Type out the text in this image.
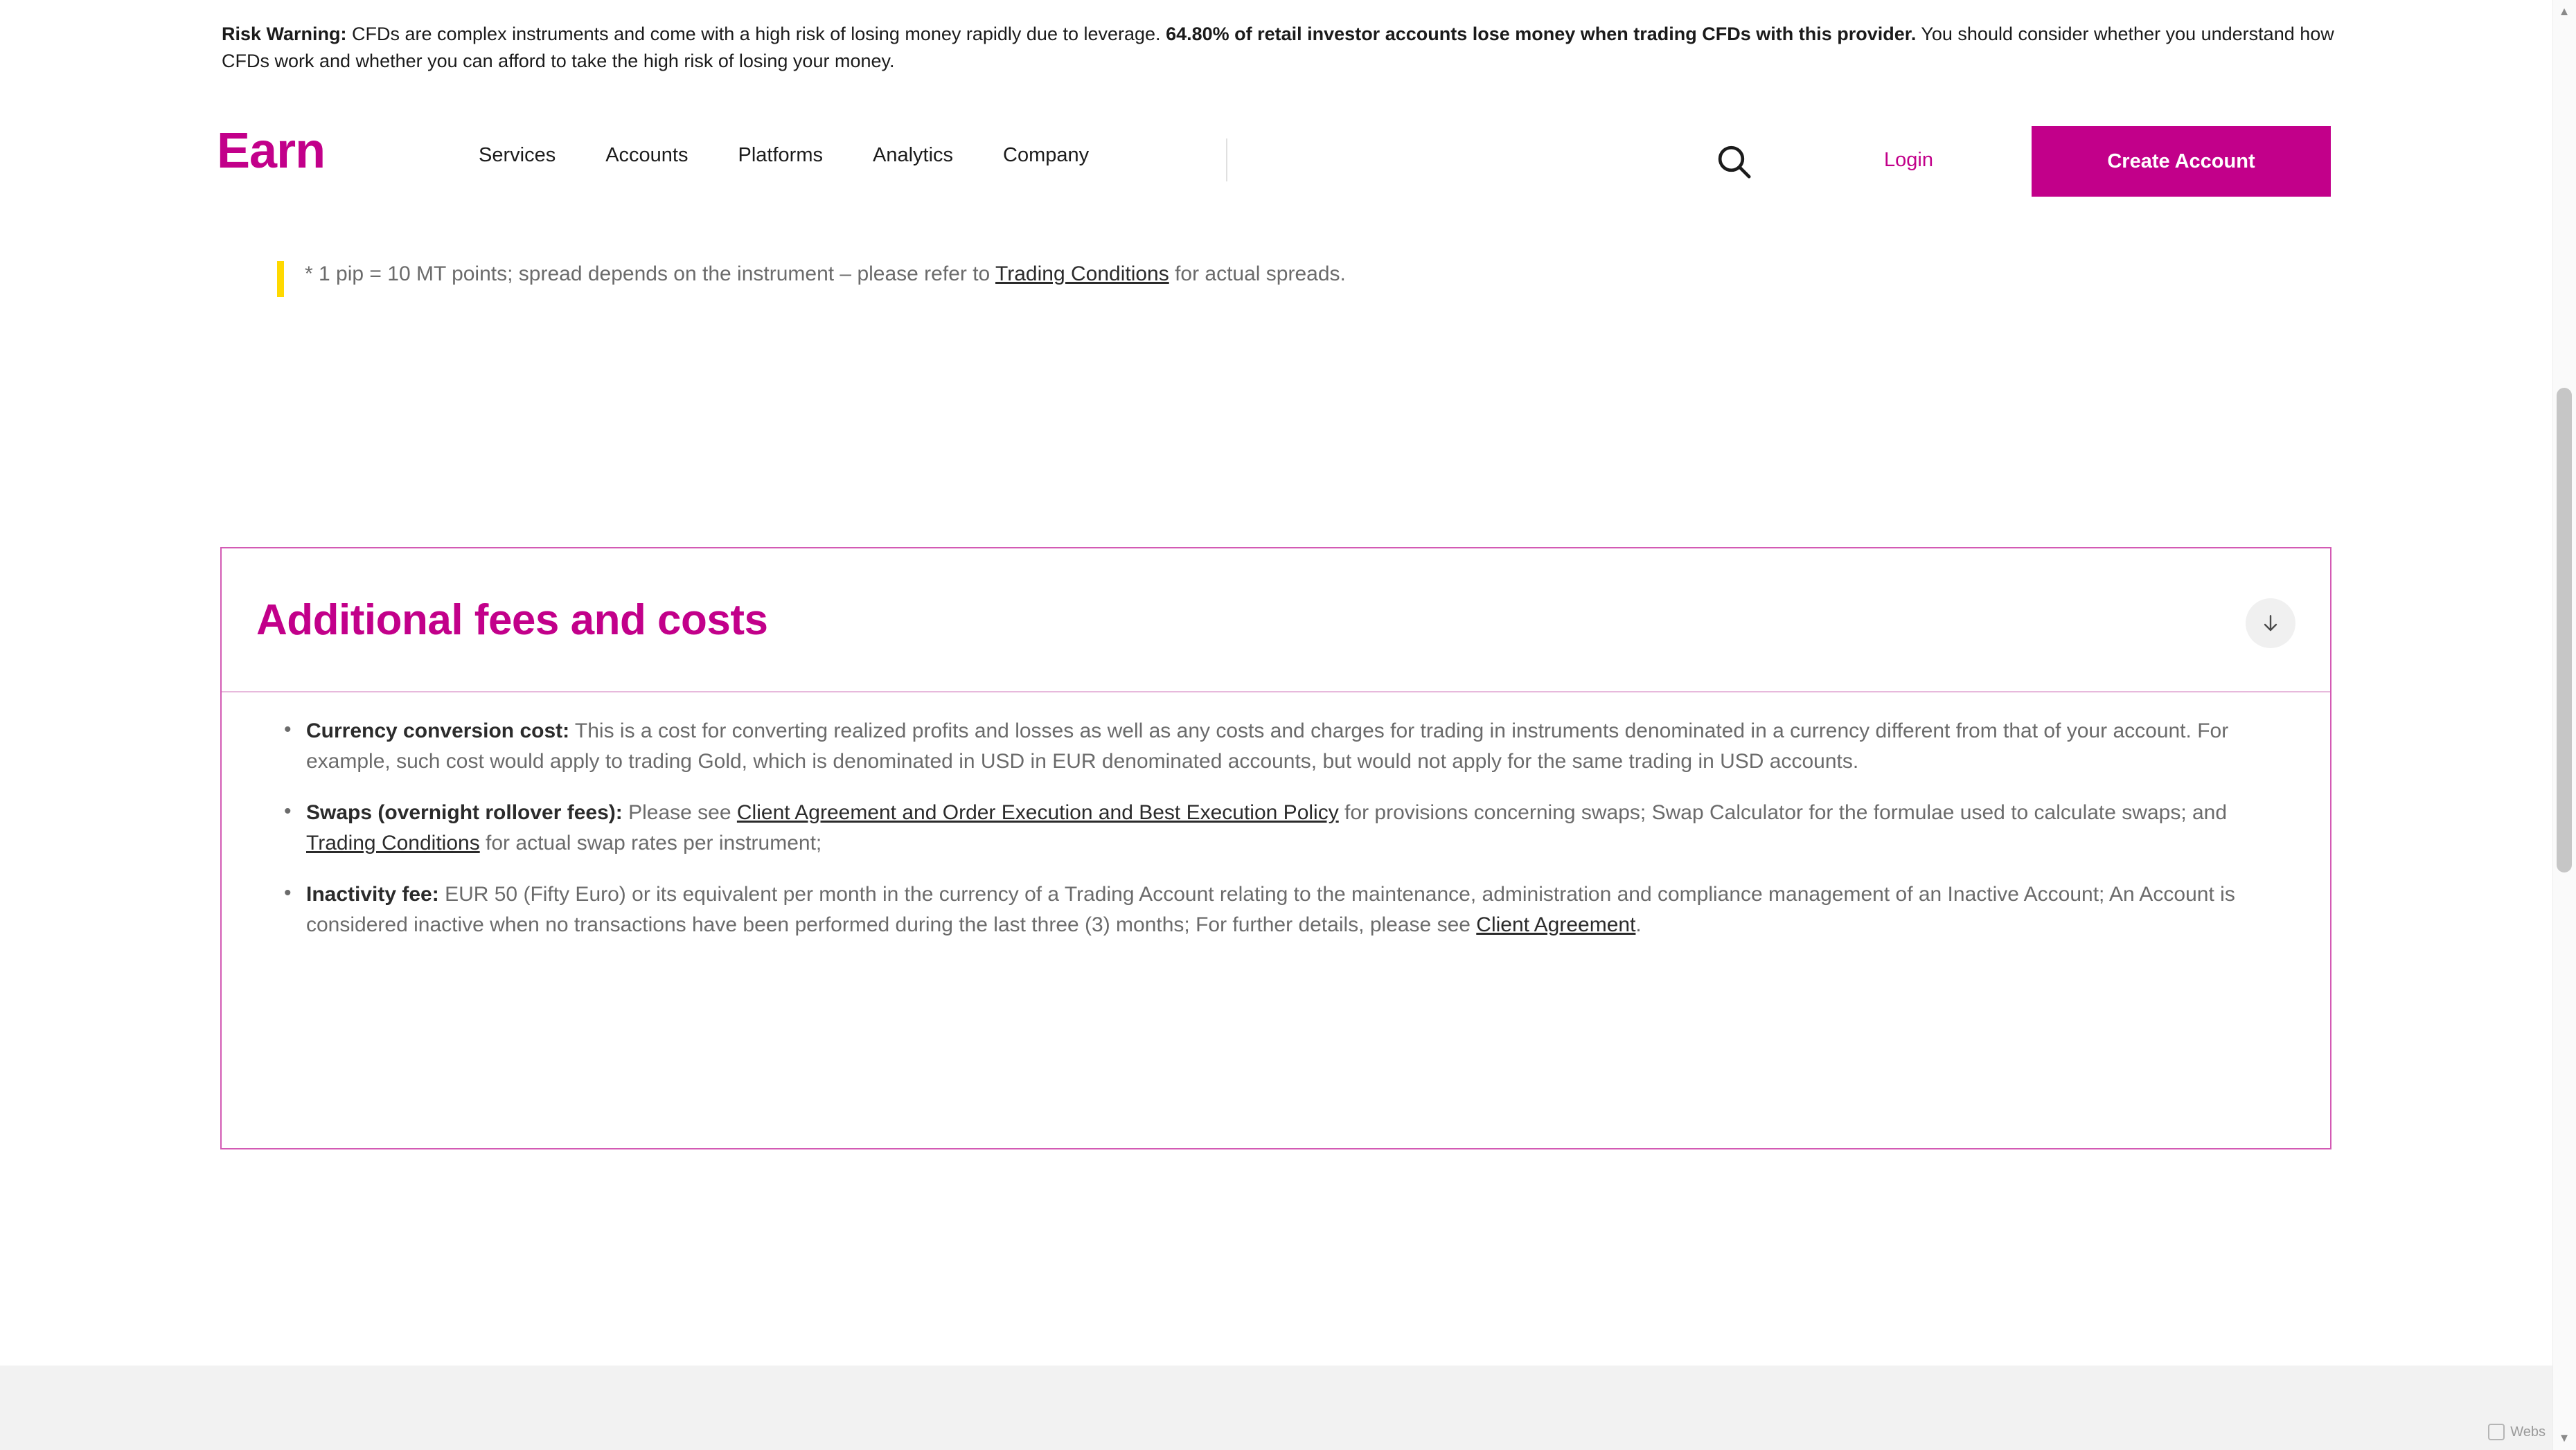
Risk Warning: CFDs are complex instruments and come with a high risk of losing money rapidly due to leverage. 64.80% of retail investor accounts lose money when trading CFDs with this provider. You should consider whether you understand how CFDs work and whether you can afford to take the high risk of losing your money.
Earn	Services	Accounts	Platforms	Analytics	Company	Login	Create Account
* 1 pip = 10 MT points; spread depends on the instrument – please refer to Trading Conditions for actual spreads.
Additional fees and costs
• Currency conversion cost: This is a cost for converting realized profits and losses as well as any costs and charges for trading in instruments denominated in a currency different from that of your account. For example, such cost would apply to trading Gold, which is denominated in USD in EUR denominated accounts, but would not apply for the same trading in USD accounts.
• Swaps (overnight rollover fees): Please see Client Agreement and Order Execution and Best Execution Policy for provisions concerning swaps; Swap Calculator for the formulae used to calculate swaps; and Trading Conditions for actual swap rates per instrument;
• Inactivity fee: EUR 50 (Fifty Euro) or its equivalent per month in the currency of a Trading Account relating to the maintenance, administration and compliance management of an Inactive Account; An Account is considered inactive when no transactions have been performed during the last three (3) months; For further details, please see Client Agreement.
Webs
▲
▼
